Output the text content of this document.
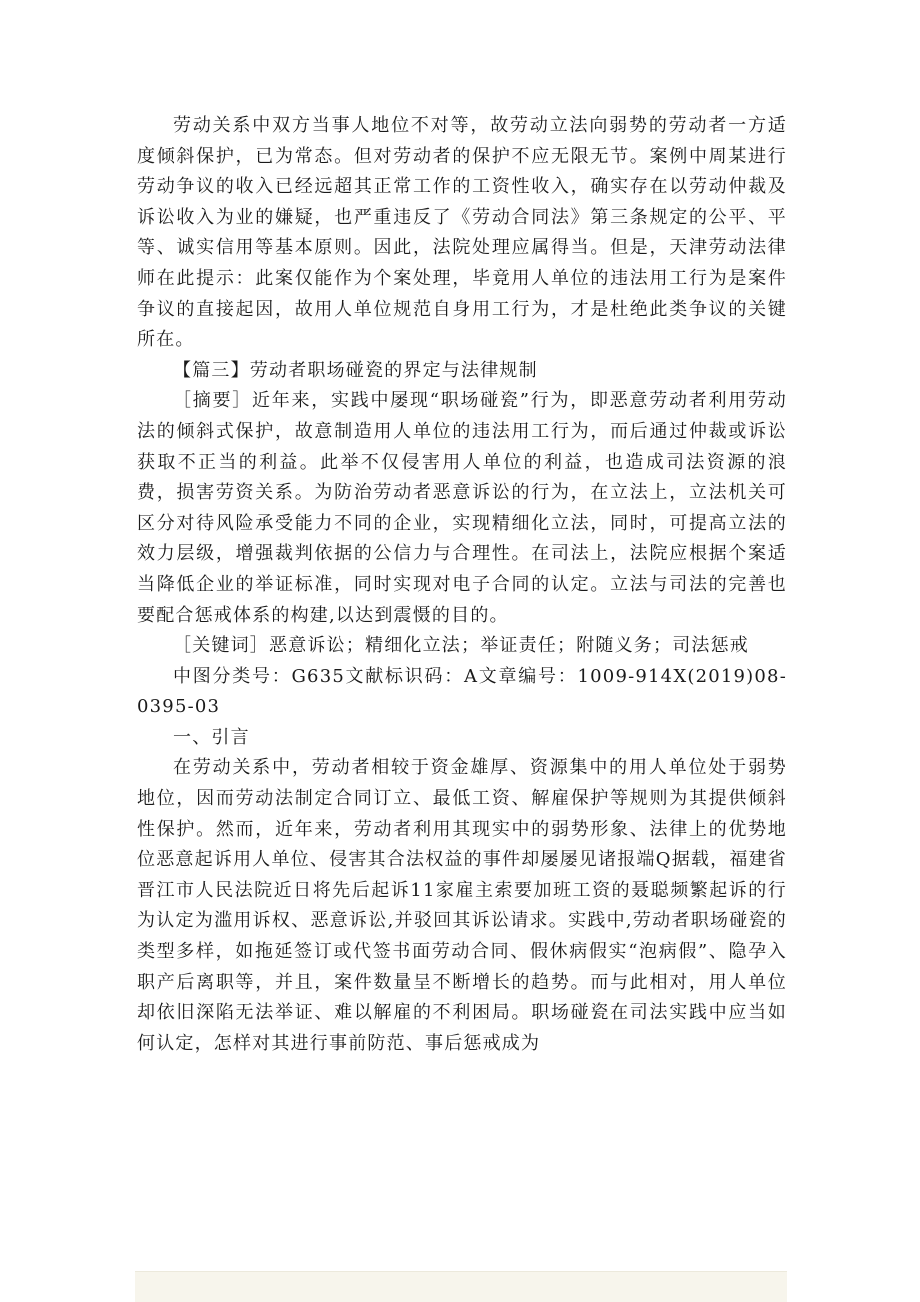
劳动关系中双方当事人地位不对等，故劳动立法向弱势的劳动者一方适度倾斜保护，已为常态。但对劳动者的保护不应无限无节。案例中周某进行劳动争议的收入已经远超其正常工作的工资性收入，确实存在以劳动仲裁及诉讼收入为业的嫌疑，也严重违反了《劳动合同法》第三条规定的公平、平等、诚实信用等基本原则。因此，法院处理应属得当。但是，天津劳动法律师在此提示：此案仅能作为个案处理，毕竟用人单位的违法用工行为是案件争议的直接起因，故用人单位规范自身用工行为，才是杜绝此类争议的关键所在。

【篇三】劳动者职场碰瓷的界定与法律规制

［摘要］近年来，实践中屡现“职场碰瓷”行为，即恶意劳动者利用劳动法的倾斜式保护，故意制造用人单位的违法用工行为，而后通过仲裁或诉讼获取不正当的利益。此举不仅侵害用人单位的利益，也造成司法资源的浪费，损害劳资关系。为防治劳动者恶意诉讼的行为，在立法上，立法机关可区分对待风险承受能力不同的企业，实现精细化立法，同时，可提高立法的效力层级，增强裁判依据的公信力与合理性。在司法上，法院应根据个案适当降低企业的举证标准，同时实现对电子合同的认定。立法与司法的完善也要配合惩戒体系的构建,以达到震慑的目的。

［关键词］恶意诉讼；精细化立法；举证责任；附随义务；司法惩戒

中图分类号：G635文献标识码：A文章编号：1009-914X(2019)08-0395-03

一、引言

在劳动关系中，劳动者相较于资金雄厚、资源集中的用人单位处于弱势地位，因而劳动法制定合同订立、最低工资、解雇保护等规则为其提供倾斜性保护。然而，近年来，劳动者利用其现实中的弱势形象、法律上的优势地位恶意起诉用人单位、侵害其合法权益的事件却屡屡见诸报端Q据载，福建省晋江市人民法院近日将先后起诉11家雇主索要加班工资的聂聪频繁起诉的行为认定为滥用诉权、恶意诉讼,并驳回其诉讼请求。实践中,劳动者职场碰瓷的类型多样，如拖延签订或代签书面劳动合同、假休病假实“泡病假”、隐孕入职产后离职等，并且，案件数量呈不断增长的趋势。而与此相对，用人单位却依旧深陷无法举证、难以解雇的不利困局。职场碰瓷在司法实践中应当如何认定，怎样对其进行事前防范、事后惩戒成为
